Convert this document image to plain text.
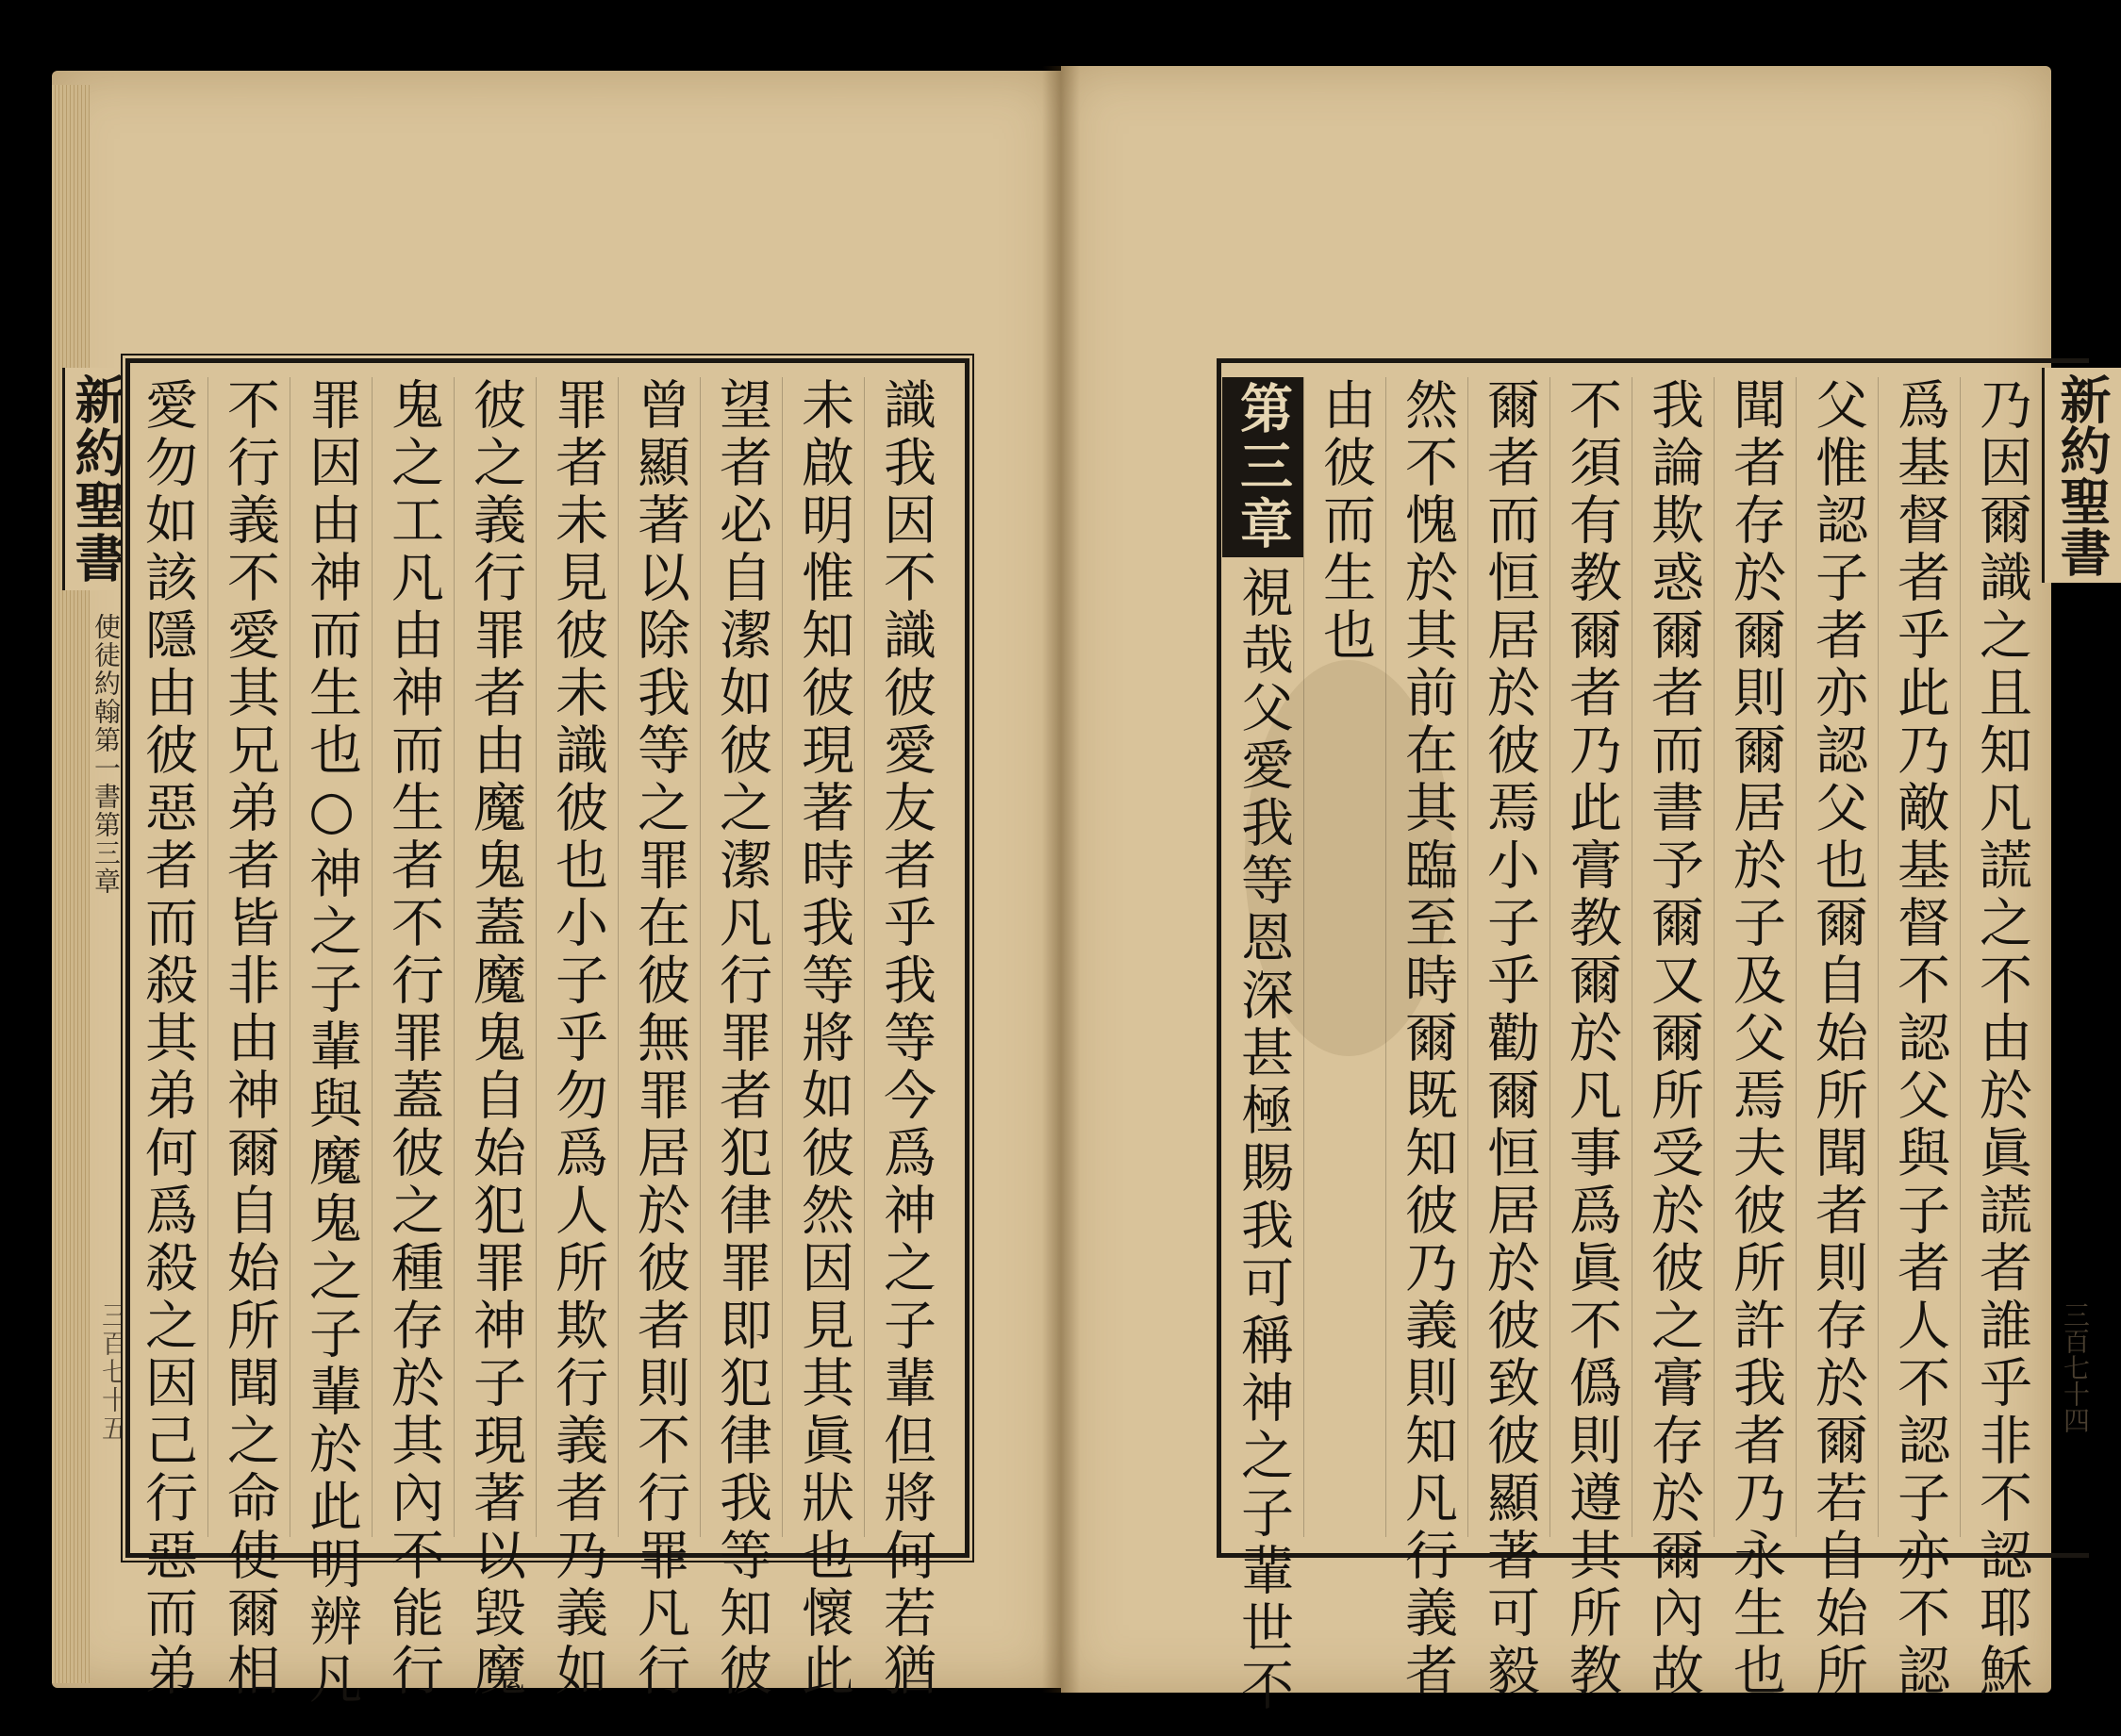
新約聖書
使徒約翰第一書第三章
三百七十五	識我因不識彼愛友者乎我等今爲神之子輩但將何若猶
未啟明惟知彼現著時我等將如彼然因見其眞狀也懷此
望者必自潔如彼之潔凡行罪者犯律罪即犯律我等知彼
曾顯著以除我等之罪在彼無罪居於彼者則不行罪凡行
罪者未見彼未識彼也小子乎勿爲人所欺行義者乃義如
彼之義行罪者由魔鬼蓋魔鬼自始犯罪神子現著以毀魔
鬼之工凡由神而生者不行罪蓋彼之種存於其內不能行
罪因由神而生也○神之子輩與魔鬼之子輩於此明辨凡
不行義不愛其兄弟者皆非由神爾自始所聞之命使爾相
愛勿如該隱由彼惡者而殺其弟何爲殺之因己行惡而弟	新約聖書
三百七十四
乃因爾識之且知凡謊之不由於眞謊者誰乎非不認耶穌
爲基督者乎此乃敵基督不認父與子者人不認子亦不認
父惟認子者亦認父也爾自始所聞者則存於爾若自始所
聞者存於爾則爾居於子及父焉夫彼所許我者乃永生也
我論欺惑爾者而書予爾又爾所受於彼之膏存於爾內故
不須有教爾者乃此膏教爾於凡事爲眞不僞則遵其所教
爾者而恒居於彼焉小子乎勸爾恒居於彼致彼顯著可毅
然不愧於其前在其臨至時爾既知彼乃義則知凡行義者
由彼而生也
第三章視哉父愛我等恩深甚極賜我可稱神之子輩世不
